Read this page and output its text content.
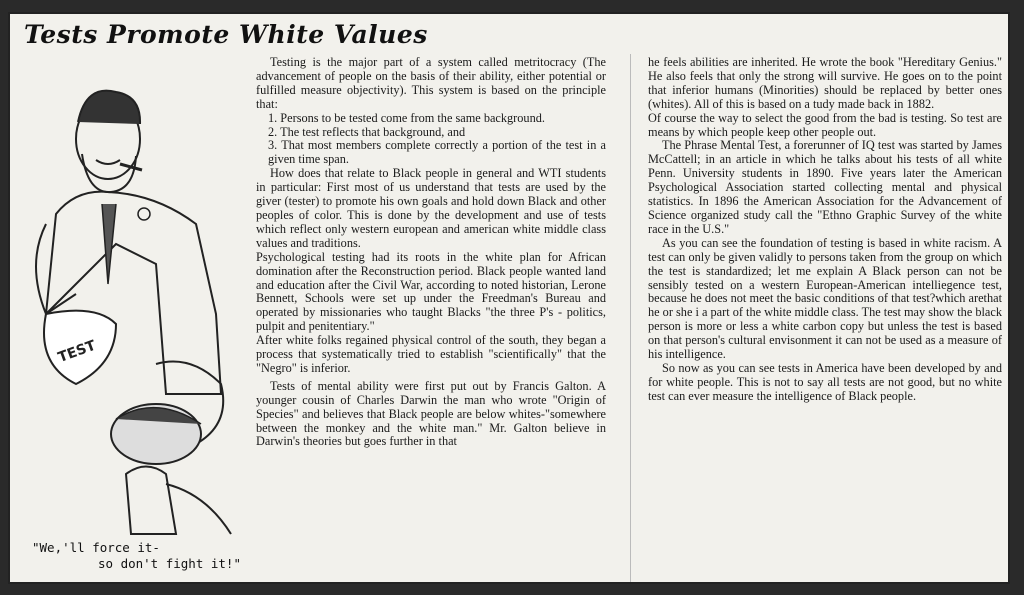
Tests Promote White Values
TEST
"We,'ll force it-
so don't fight it!"

Testing is the major part of a system called metritocracy (The advancement of people on the basis of their ability, either potential or fulfilled measure objectivity). This system is based on the principle that:

1. Persons to be tested come from the same background.

2. The test reflects that background, and

3. That most members complete correctly a portion of the test in a given time span.

How does that relate to Black people in general and WTI students in particular: First most of us understand that tests are used by the giver (tester) to promote his own goals and hold down Black and other peoples of color. This is done by the development and use of tests which reflect only western european and american white middle class values and traditions.

Psychological testing had its roots in the white plan for African domination after the Reconstruction period. Black people wanted land and education after the Civil War, according to noted historian, Lerone Bennett, Schools were set up under the Freedman's Bureau and operated by missionaries who taught Blacks "the three P's - politics, pulpit and penitentiary."

After white folks regained physical control of the south, they began a process that systematically tried to establish "scientifically" that the "Negro" is inferior.

Tests of mental ability were first put out by Francis Galton. A younger cousin of Charles Darwin the man who wrote "Origin of Species" and believes that Black people are below whites-"somewhere between the monkey and the white man." Mr. Galton believe in Darwin's theories but goes further in that

he feels abilities are inherited. He wrote the book "Hereditary Genius." He also feels that only the strong will survive. He goes on to the point that inferior humans (Minorities) should be replaced by better ones (whites). All of this is based on a tudy made back in 1882.

Of course the way to select the good from the bad is testing. So test are means by which people keep other people out.

The Phrase Mental Test, a forerunner of IQ test was started by James McCattell; in an article in which he talks about his tests of all white Penn. University students in 1890. Five years later the American Psychological Association started collecting mental and physical statistics. In 1896 the American Association for the Advancement of Science organized study call the "Ethno Graphic Survey of the white race in the U.S."

As you can see the foundation of testing is based in white racism. A test can only be given validly to persons taken from the group on which the test is standardized; let me explain A Black person can not be sensibly tested on a western European-American intelliegence test, because he does not meet the basic conditions of that test?which arethat he or she i a part of the white middle class. The test may show the black person is more or less a white carbon copy but unless the test is based on that person's cultural envisonment it can not be used as a measure of his intelligence.

So now as you can see tests in America have been developed by and for white people. This is not to say all tests are not good, but no white test can ever measure the intelligence of Black people.
